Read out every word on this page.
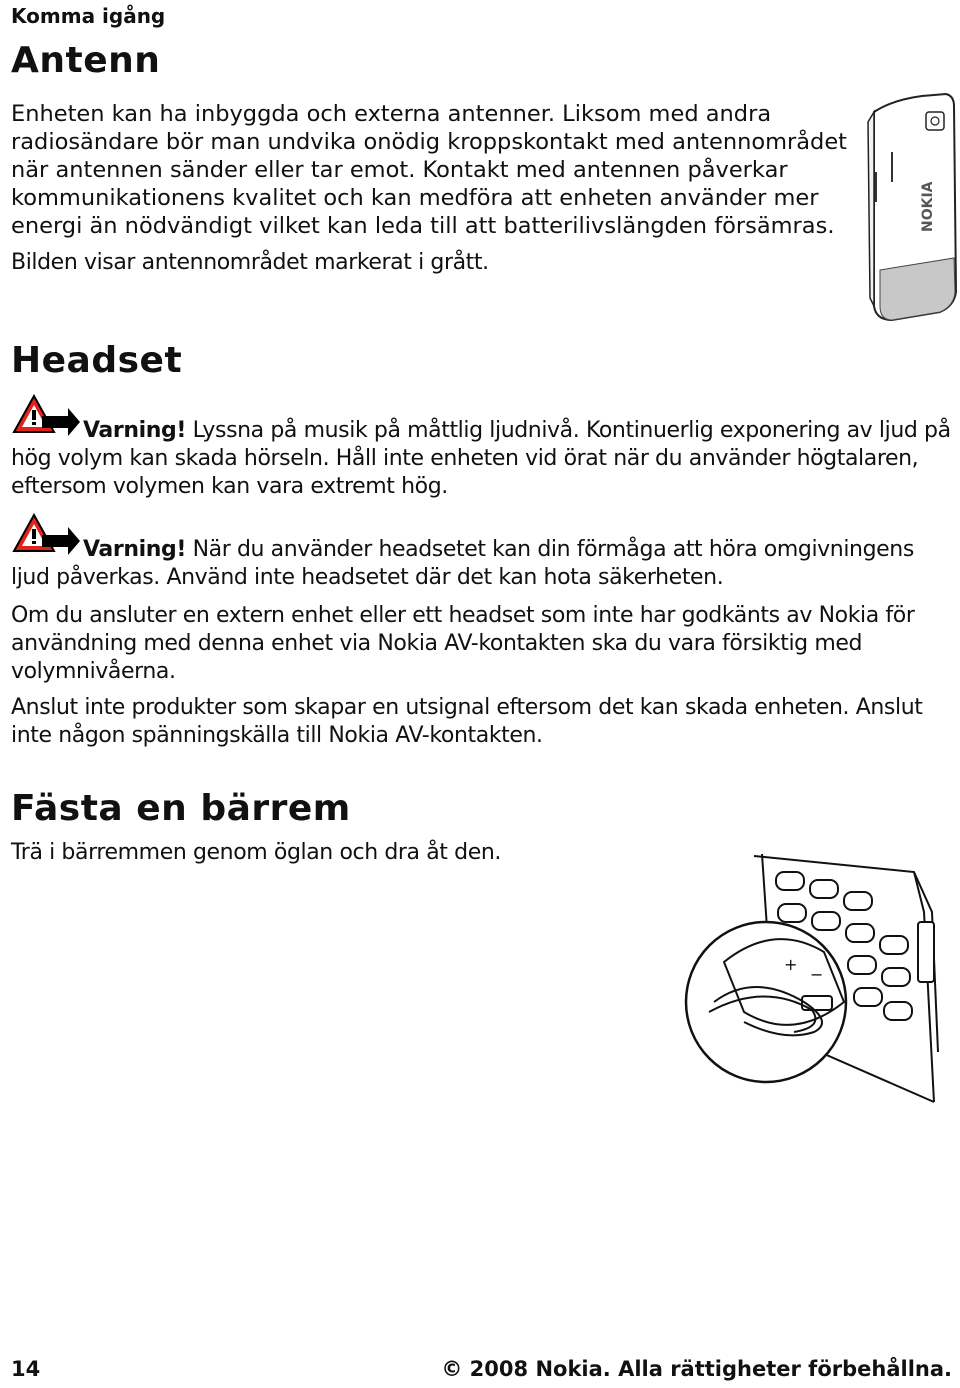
Komma igång
Antenn

Enheten kan ha inbyggda och externa antenner. Liksom med andra radiosändare bör man undvika onödig kroppskontakt med antennområdet när antennen sänder eller tar emot. Kontakt med antennen påverkar kommunikationens kvalitet och kan medföra att enheten använder mer energi än nödvändigt vilket kan leda till att batterilivslängden försämras.

Bilden visar antennområdet markerat i grått.

NOKIA
Headset
Varning! Lyssna på musik på måttlig ljudnivå. Kontinuerlig exponering av ljud på hög volym kan skada hörseln. Håll inte enheten vid örat när du använder högtalaren, eftersom volymen kan vara extremt hög.
Varning! När du använder headsetet kan din förmåga att höra omgivningens ljud påverkas. Använd inte headsetet där det kan hota säkerheten.

Om du ansluter en extern enhet eller ett headset som inte har godkänts av Nokia för användning med denna enhet via Nokia AV-kontakten ska du vara försiktig med volymnivåerna.

Anslut inte produkter som skapar en utsignal eftersom det kan skada enheten. Anslut inte någon spänningskälla till Nokia AV-kontakten.

Fästa en bärrem

Trä i bärremmen genom öglan och dra åt den.

+
−
14	© 2008 Nokia. Alla rättigheter förbehållna.
